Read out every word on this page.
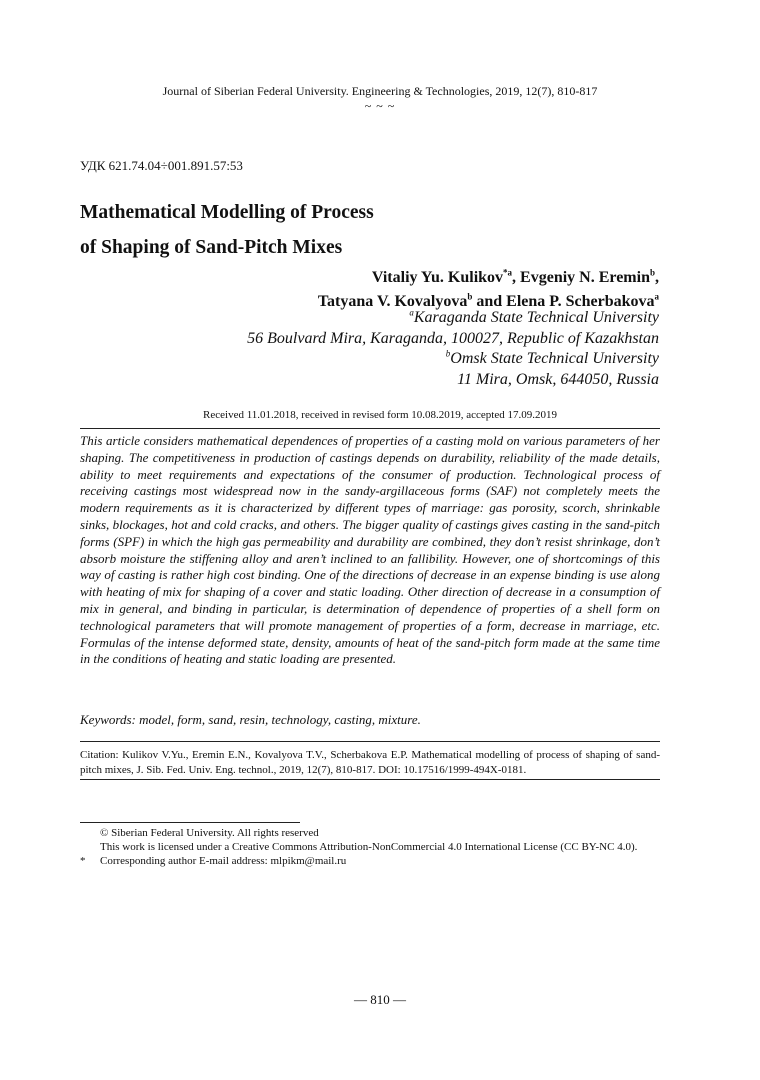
Journal of Siberian Federal University. Engineering & Technologies, 2019, 12(7), 810-817
~ ~ ~
УДК 621.74.04÷001.891.57:53
Mathematical Modelling of Process
of Shaping of Sand-Pitch Mixes
Vitaliy Yu. Kulikov$^{*a}$, Evgeniy N. Eremin$^b$,
Tatyana V. Kovalyova$^b$ and Elena P. Scherbakova$^a$
$^a$Karaganda State Technical University
56 Boulvard Mira, Karaganda, 100027, Republic of Kazakhstan
$^b$Omsk State Technical University
11 Mira, Omsk, 644050, Russia
Received 11.01.2018, received in revised form 10.08.2019, accepted 17.09.2019
This article considers mathematical dependences of properties of a casting mold on various parameters of her shaping. The competitiveness in production of castings depends on durability, reliability of the made details, ability to meet requirements and expectations of the consumer of production. Technological process of receiving castings most widespread now in the sandy-argillaceous forms (SAF) not completely meets the modern requirements as it is characterized by different types of marriage: gas porosity, scorch, shrinkable sinks, blockages, hot and cold cracks, and others. The bigger quality of castings gives casting in the sand-pitch forms (SPF) in which the high gas permeability and durability are combined, they don’t resist shrinkage, don’t absorb moisture the stiffening alloy and aren’t inclined to an fallibility. However, one of shortcomings of this way of casting is rather high cost binding. One of the directions of decrease in an expense binding is use along with heating of mix for shaping of a cover and static loading. Other direction of decrease in a consumption of mix in general, and binding in particular, is determination of dependence of properties of a shell form on technological parameters that will promote management of properties of a form, decrease in marriage, etc. Formulas of the intense deformed state, density, amounts of heat of the sand-pitch form made at the same time in the conditions of heating and static loading are presented.
Keywords: model, form, sand, resin, technology, casting, mixture.
Citation: Kulikov V.Yu., Eremin E.N., Kovalyova T.V., Scherbakova E.P. Mathematical modelling of process of shaping of sand-pitch mixes, J. Sib. Fed. Univ. Eng. technol., 2019, 12(7), 810-817. DOI: 10.17516/1999-494X-0181.
© Siberian Federal University. All rights reserved
This work is licensed under a Creative Commons Attribution-NonCommercial 4.0 International License (CC BY-NC 4.0).
* Corresponding author E-mail address: mlpikm@mail.ru
— 810 —
